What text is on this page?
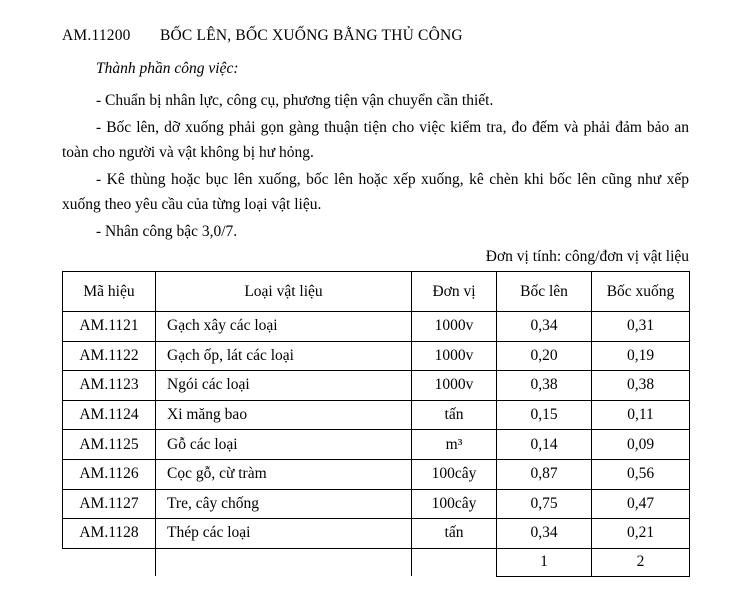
AM.11200	BỐC LÊN, BỐC XUỐNG BẰNG THỦ CÔNG
Thành phần công việc:

- Chuẩn bị nhân lực, công cụ, phương tiện vận chuyển cần thiết.

- Bốc lên, dỡ xuống phải gọn gàng thuận tiện cho việc kiểm tra, đo đếm và phải đảm bảo an toàn cho người và vật không bị hư hỏng.

- Kê thùng hoặc bục lên xuống, bốc lên hoặc xếp xuống, kê chèn khi bốc lên cũng như xếp xuống theo yêu cầu của từng loại vật liệu.

- Nhân công bậc 3,0/7.

Đơn vị tính: công/đơn vị vật liệu
Mã hiệu	Loại vật liệu	Đơn vị	Bốc lên	Bốc xuống
AM.1121	Gạch xây các loại	1000v	0,34	0,31
AM.1122	Gạch ốp, lát các loại	1000v	0,20	0,19
AM.1123	Ngói các loại	1000v	0,38	0,38
AM.1124	Xi măng bao	tấn	0,15	0,11
AM.1125	Gỗ các loại	m³	0,14	0,09
AM.1126	Cọc gỗ, cừ tràm	100cây	0,87	0,56
AM.1127	Tre, cây chống	100cây	0,75	0,47
AM.1128	Thép các loại	tấn	0,34	0,21
			1	2
